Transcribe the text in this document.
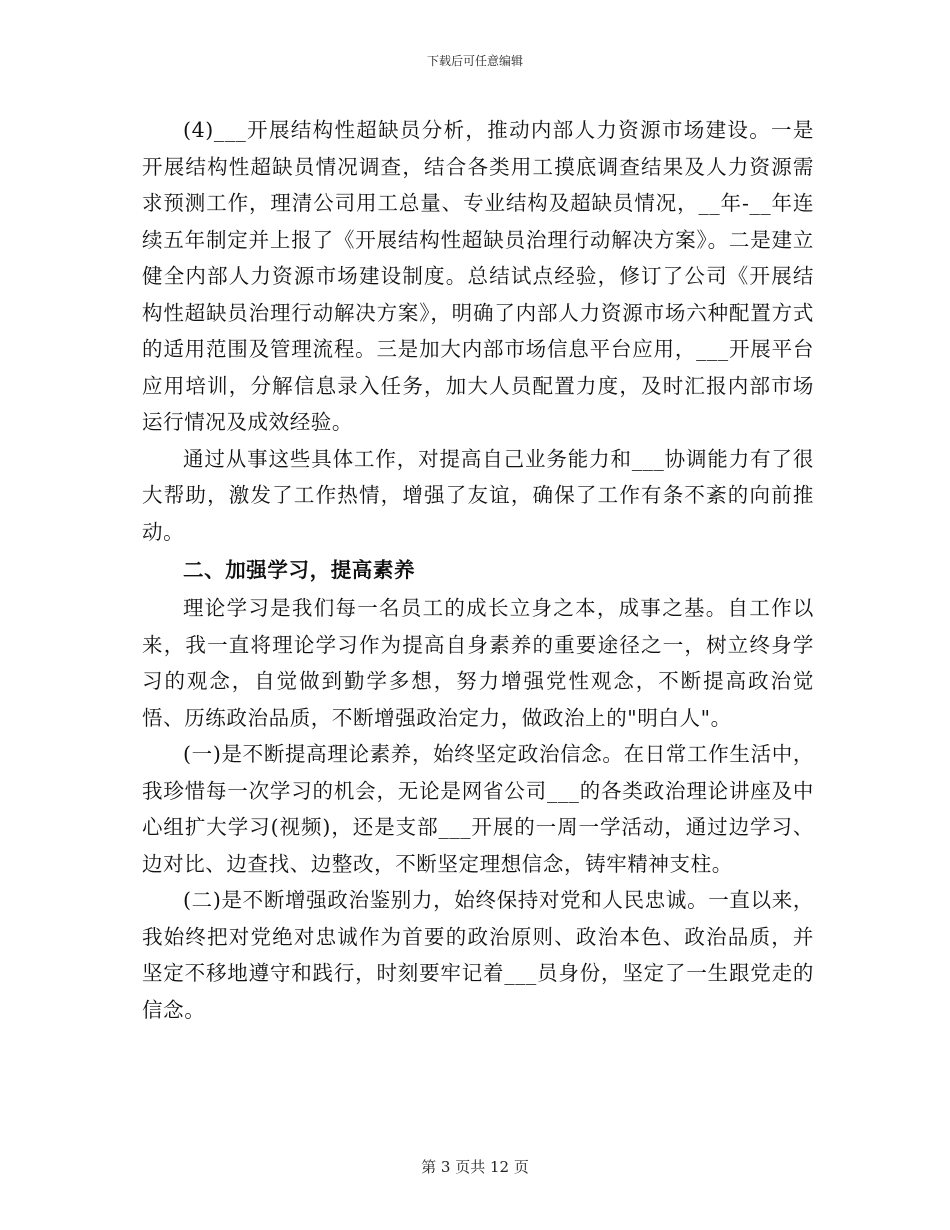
下载后可任意编辑

(4)___开展结构性超缺员分析，推动内部人力资源市场建设。一是开展结构性超缺员情况调查，结合各类用工摸底调查结果及人力资源需求预测工作，理清公司用工总量、专业结构及超缺员情况，__年-__年连续五年制定并上报了《开展结构性超缺员治理行动解决方案》。二是建立健全内部人力资源市场建设制度。总结试点经验，修订了公司《开展结构性超缺员治理行动解决方案》，明确了内部人力资源市场六种配置方式的适用范围及管理流程。三是加大内部市场信息平台应用，___开展平台应用培训，分解信息录入任务，加大人员配置力度，及时汇报内部市场运行情况及成效经验。

通过从事这些具体工作，对提高自己业务能力和___协调能力有了很大帮助，激发了工作热情，增强了友谊，确保了工作有条不紊的向前推动。

二、加强学习，提高素养

理论学习是我们每一名员工的成长立身之本，成事之基。自工作以来，我一直将理论学习作为提高自身素养的重要途径之一，树立终身学习的观念，自觉做到勤学多想，努力增强党性观念，不断提高政治觉悟、历练政治品质，不断增强政治定力，做政治上的"明白人"。

(一)是不断提高理论素养，始终坚定政治信念。在日常工作生活中，我珍惜每一次学习的机会，无论是网省公司___的各类政治理论讲座及中心组扩大学习(视频)，还是支部___开展的一周一学活动，通过边学习、边对比、边查找、边整改，不断坚定理想信念，铸牢精神支柱。

(二)是不断增强政治鉴别力，始终保持对党和人民忠诚。一直以来，我始终把对党绝对忠诚作为首要的政治原则、政治本色、政治品质，并坚定不移地遵守和践行，时刻要牢记着___员身份，坚定了一生跟党走的信念。

第 3 页共 12 页
